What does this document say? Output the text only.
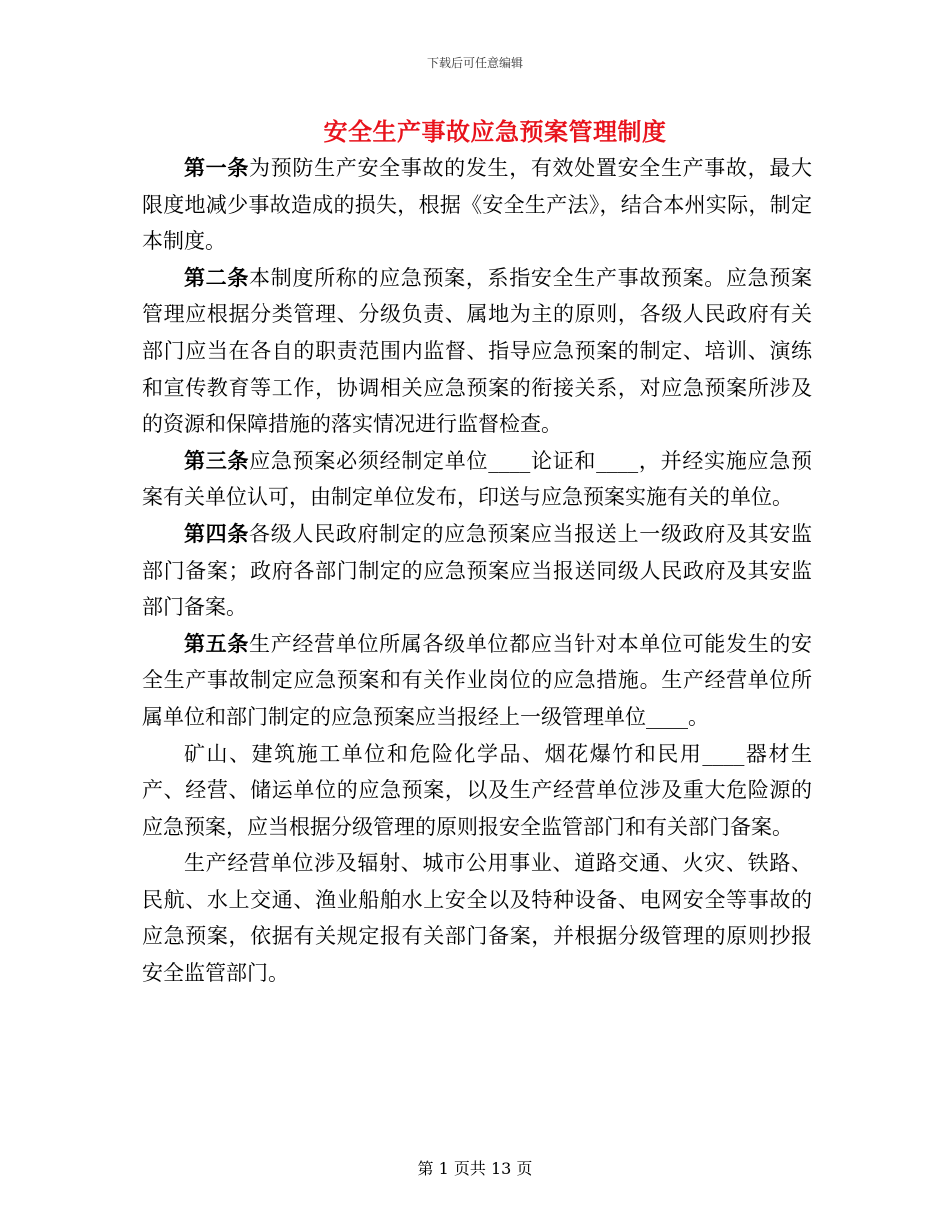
下载后可任意编辑
安全生产事故应急预案管理制度

第一条为预防生产安全事故的发生，有效处置安全生产事故，最大限度地减少事故造成的损失，根据《安全生产法》，结合本州实际，制定本制度。

第二条本制度所称的应急预案，系指安全生产事故预案。应急预案管理应根据分类管理、分级负责、属地为主的原则，各级人民政府有关部门应当在各自的职责范围内监督、指导应急预案的制定、培训、演练和宣传教育等工作，协调相关应急预案的衔接关系，对应急预案所涉及的资源和保障措施的落实情况进行监督检查。

第三条应急预案必须经制定单位____论证和____，并经实施应急预案有关单位认可，由制定单位发布，印送与应急预案实施有关的单位。

第四条各级人民政府制定的应急预案应当报送上一级政府及其安监部门备案；政府各部门制定的应急预案应当报送同级人民政府及其安监部门备案。

第五条生产经营单位所属各级单位都应当针对本单位可能发生的安全生产事故制定应急预案和有关作业岗位的应急措施。生产经营单位所属单位和部门制定的应急预案应当报经上一级管理单位____。

矿山、建筑施工单位和危险化学品、烟花爆竹和民用____器材生产、经营、储运单位的应急预案，以及生产经营单位涉及重大危险源的应急预案，应当根据分级管理的原则报安全监管部门和有关部门备案。

生产经营单位涉及辐射、城市公用事业、道路交通、火灾、铁路、民航、水上交通、渔业船舶水上安全以及特种设备、电网安全等事故的应急预案，依据有关规定报有关部门备案，并根据分级管理的原则抄报安全监管部门。

第 1 页共 13 页
